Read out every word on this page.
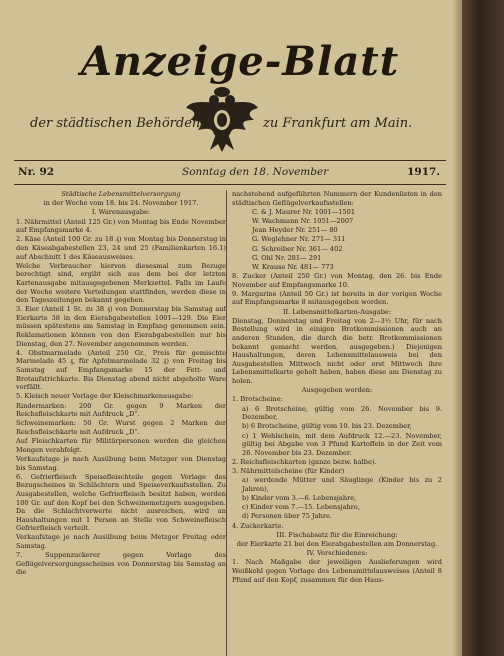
Anzeige-Blatt
der städtischen Behörden	zu Frankfurt am Main.
Nr. 92	Sonntag den 18. November	1917.

Städtische Lebensmittelversorgung

in der Woche vom 18. bis 24. November 1917.

I. Warenausgabe:

1. Nährmittel (Anteil 125 Gr.) von Montag bis Ende November auf Empfangsmarke 4.

2. Käse (Anteil 100 Gr. zu 18 ₰) von Montag bis Donnerstag in den Käseabgabestellen 23, 24 und 25 (Familienkarten 16.1) auf Abschnitt 1 des Käseausweises.

Welche Verbraucher hiervon diesesmal zum Bezuge berechtigt sind, ergibt sich aus dem bei der letzten Kartenausgabe mitausgegebenen Merkzettel. Falls im Laufe der Woche weitere Verteilungen stattfinden, werden diese in den Tageszeitungen bekannt gegeben.

3. Eier (Anteil 1 St. zu 38 ₰) von Donnerstag bis Samstag auf Eierkarte 38 in den Eierabgabestellen 1001—129. Die Eier müssen spätestens am Samstag in Empfang genommen sein. Reklamationen können von den Eierabgabestellen nur bis Dienstag, den 27. November angenommen werden.

4. Obstmarmelade (Anteil 250 Gr., Preis für gemischte Marmelade 45 ₰, für Apfelmarmelade 32 ₰) von Freitag bis Samstag auf Empfangsmarke 15 der Fett- und Brotaufstrichkarte. Bis Dienstag abend nicht abgeholte Ware verfällt.

5. Kleisch neuer Vorlage der Kleischmarkenausgabe:

Rindermarken: 200 Gr. gegen 9 Marken der Reichsfleischkarte mit Aufdruck „D“.

Schweinemarken: 50 Gr. Wurst gegen 2 Marken der Reichsfleischkarte mit Aufdruck „D“.

Auf Fleischkarten für Militärpersonen werden die gleichen Mengen verabfolgt.

Verkaufstage je nach Ausübung beim Metzger von Dienstag bis Samstag.

6. Gefrierfleisch Speisefleischteile gegen Vorlage des Bezugscheines in Schlächtern und Speiseverkaufsstellen. Zu Ausgabestellen, welche Gefrierfleisch besitzt haben, werden 100 Gr. auf den Kopf bei den Schweinemetzgern ausgegeben. Da die Schlachtverwerte nicht ausreichen, wird an Haushaltungen mit 1 Person an Stelle von Schweinefleisch Gefrierfleisch verteilt.

Verkaufstage je nach Ausübung beim Metzger Freitag oder Samstag.

7. Suppenzuckerer gegen Vorlage des Geflügelversorgungsscheines von Donnerstag bis Samstag an die

nachstehend aufgeführten Nummern der Kundenlisten in den städtischen Geflügelverkaufsstellen:

C. & J. Maurer Nr. 1001—1501

W. Wachmann Nr. 1051—2007

Jean Heyder Nr. 251— 80

G. Weglehner Nr. 271— 311

G. Schreiber Nr. 361— 402

G. Ohl Nr. 281— 291

W. Krause Nr. 481— 773

8. Zucker (Anteil 250 Gr.) von Montag, den 26. bis Ende November auf Empfangsmarke 10.

9. Margarine (Anteil 50 Gr.) ist bereits in der vorigen Woche auf Empfangsmarke 8 mitausgegeben worden.

II. Lebensmittelkarten-Ausgabe:

Dienstag, Donnerstag und Freitag von 2—3½ Uhr, für nach Bestellung wird in einigen Brotkommissionen auch an anderen Stunden, die durch die betr. Brotkommissionen bekannt gemacht werden, ausgegeben.) Diejenigen Haushaltungen, deren Lebensmittelausweis bei den Ausgabestellen Mittwoch nicht oder erst Mittwoch ihre Lebensmittelkarte geholt haben, haben diese am Dienstag zu holen.

Ausgegeben werden:

1. Brotscheine:

a) 6 Brotscheine, gültig vom 26. November bis 9. Dezember,

b) 6 Brotscheine, gültig vom 10. bis 23. Dezember,

c) 1 Wehlschein, mit dem Aufdruck 12.—23. November, gültig bei Abgabe von 3 Pfund Kartoffeln in der Zeit vom 26. November bis 23. Dezember.

2. Reichsfleischkarten (ganze bezw. halbe).

3. Nährmittelscheine (für Kinder)

a) werdende Mütter und Säuglinge (Kinder bis zu 2 Jahren),

b) Kinder vom 3.—6. Lebensjahre,

c) Kinder vom 7.—15. Lebensjahre,

d) Personen über 75 Jahre.

4. Zuckerkarte.

III. Fischabsatz für die Einreichung:

der Eierkarte 21 bei den Eierabgabestellen am Donnerstag.

IV. Verschiedenes:

1. Nach Maßgabe der jeweiligen Auslieferungen wird Weißkohl gegen Vorlage des Lebensmittelausweises (Anteil 8 Pfund auf den Kopf, zusammen für den Haus-
